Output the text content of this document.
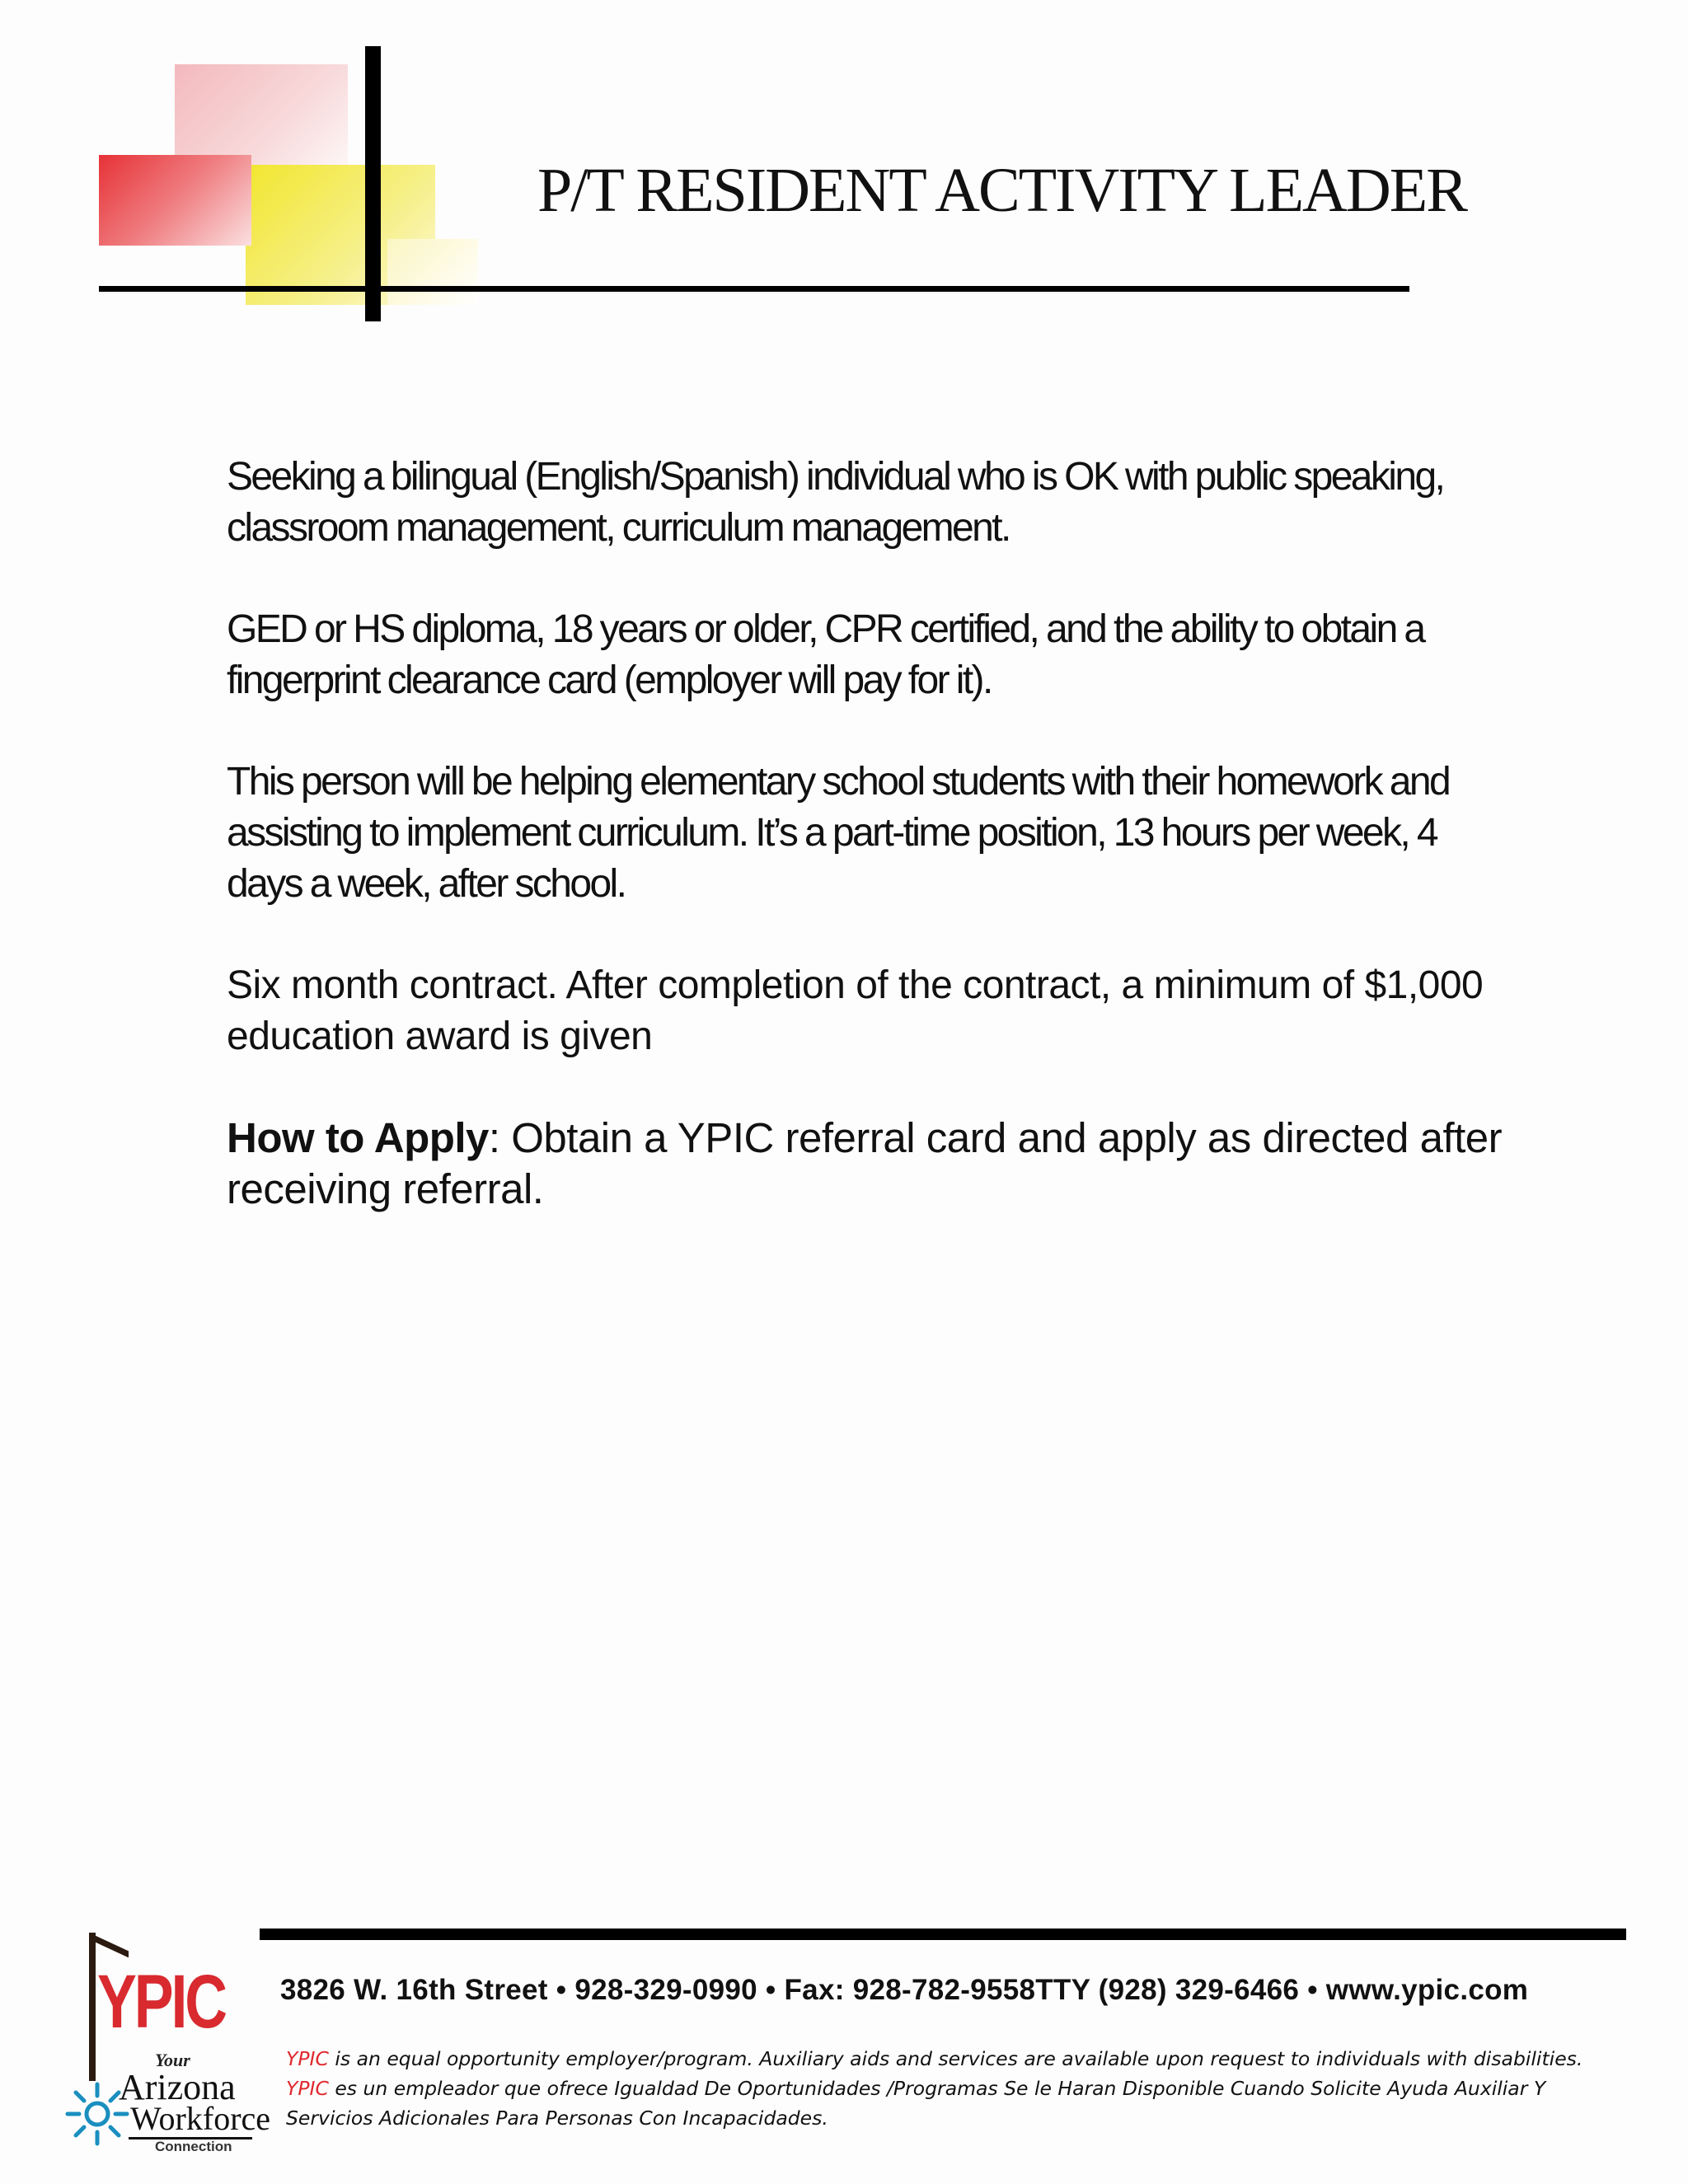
P/T RESIDENT ACTIVITY LEADER

Seeking a bilingual (English/Spanish) individual who is OK with public speaking, classroom management, curriculum management.

GED or HS diploma, 18 years or older, CPR certified, and the ability to obtain a fingerprint clearance card (employer will pay for it).

This person will be helping elementary school students with their homework and assisting to implement curriculum. It’s a part-time position, 13 hours per week, 4 days a week, after school.

Six month contract. After completion of the contract, a minimum of $1,000 education award is given

How to Apply: Obtain a YPIC referral card and apply as directed after receiving referral.

3826 W. 16th Street • 928-329-0990 • Fax: 928-782-9558TTY (928) 329-6466 • www.ypic.com
YPIC is an equal opportunity employer/program. Auxiliary aids and services are available upon request to individuals with disabilities.
YPIC es un empleador que ofrece Igualdad De Oportunidades /Programas Se le Haran Disponible Cuando Solicite Ayuda Auxiliar Y Servicios Adicionales Para Personas Con Incapacidades.
YPIC
Your
Arizona
Workforce
Connection
